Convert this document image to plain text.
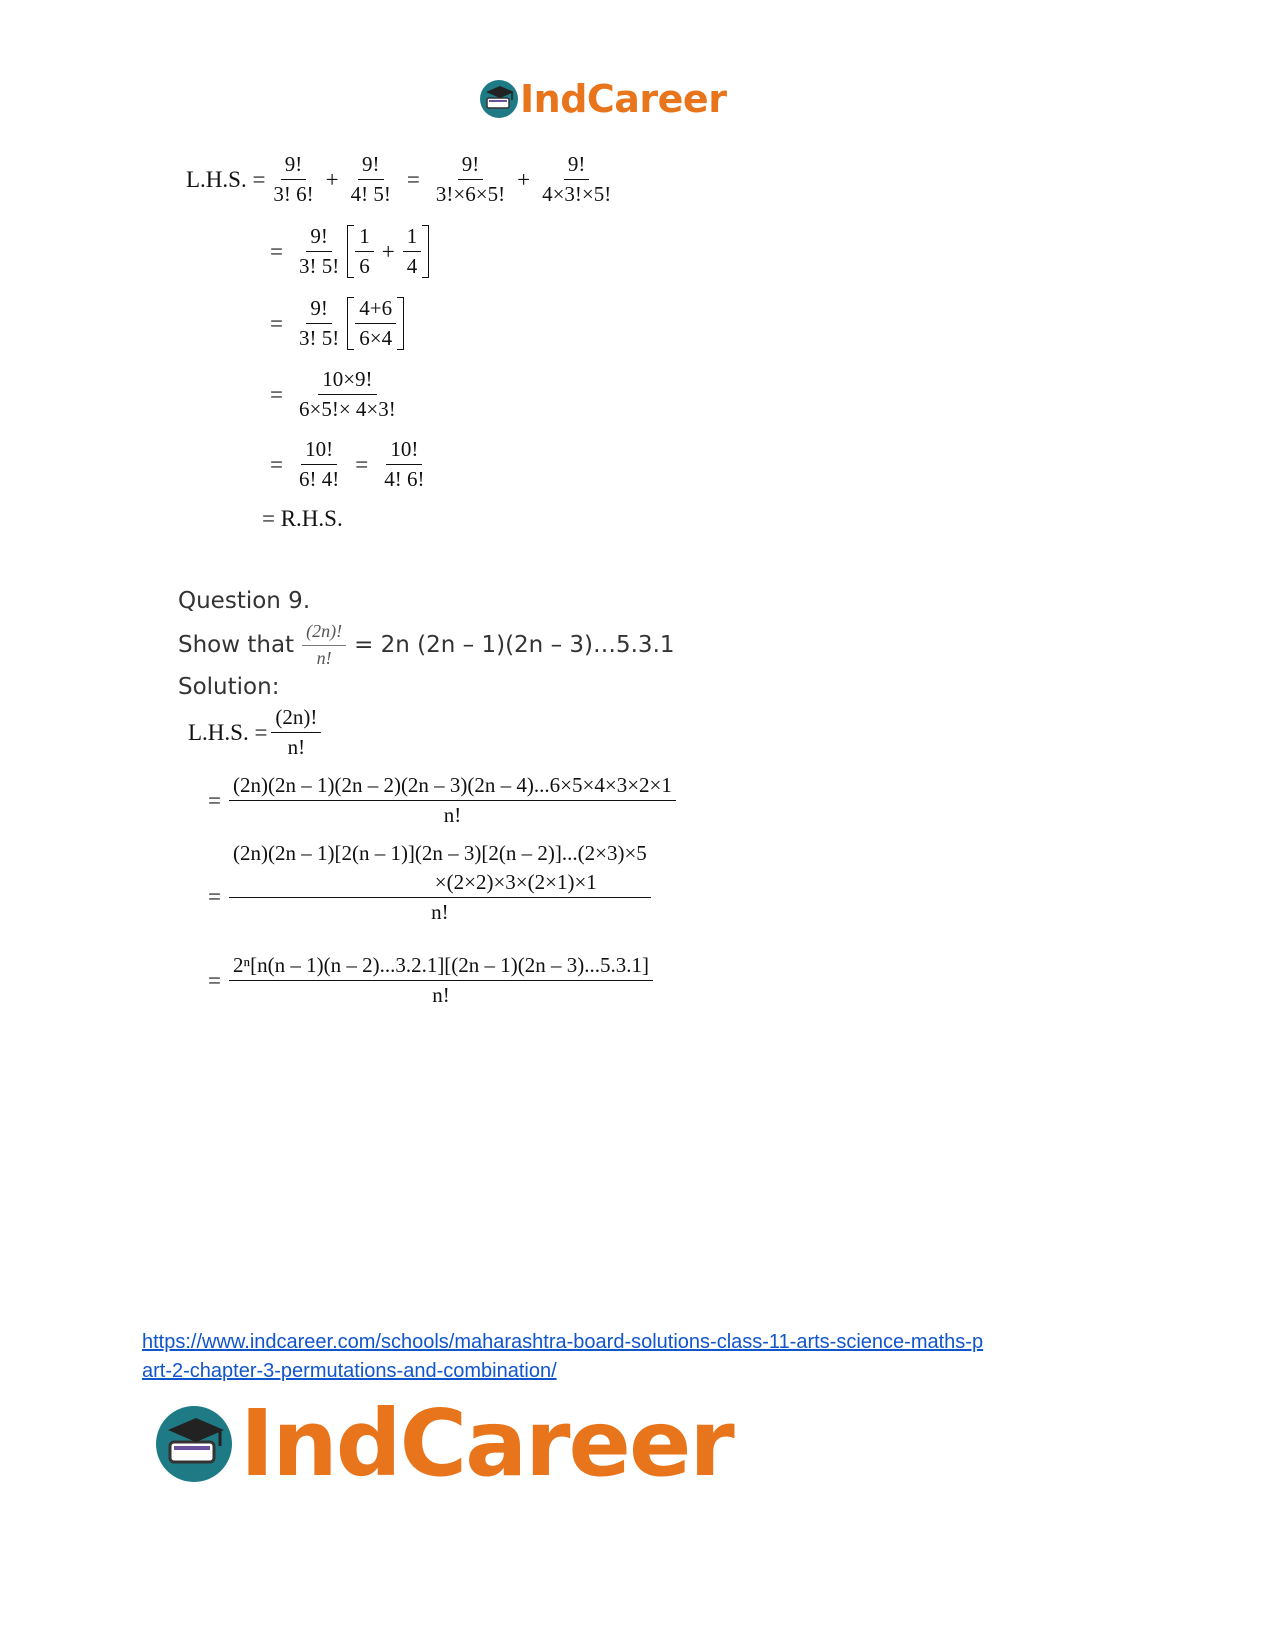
IndCareer
L.H.S. = $\frac{9!}{3! 6!} + \frac{9!}{4! 5!} = \frac{9!}{3!\times 6\times 5!} + \frac{9!}{4\times 3!\times 5!}$
= $\frac{9!}{3! 5!} \frac{1}{6} + \frac{1}{4}$
= $\frac{9!}{3! 5!} \frac{4+6}{6\times 4}$
= $\frac{10\times 9!}{6\times 5!\times 4\times 3!}$
= $\frac{10!}{6! 4!} = \frac{10!}{4! 6!}$
= R.H.S.
Question 9.
Show that $\frac{(2n)!}{n!} = 2n$ (2n – 1)(2n – 3)…5.3.1
Solution:
L.H.S. = $\frac{(2n)!}{n!}$
= $\frac{(2n)(2n - 1)(2n - 2)(2n - 3)(2n - 4)...6\times 5\times 4\times 3\times 2\times 1}{n!}$
=
(2n)(2n – 1)[2(n – 1)](2n – 3)[2(n – 2)]...(2×3)×5
×(2×2)×3×(2×1)×1
n!
= $\frac{\text{2ⁿ[n(n – 1)(n – 2)...3.2.1][(2n – 1)(2n – 3)...5.3.1]}}{n!}$
https://www.indcareer.com/schools/maharashtra-board-solutions-class-11-arts-science-maths-p
art-2-chapter-3-permutations-and-combination/
IndCareer
